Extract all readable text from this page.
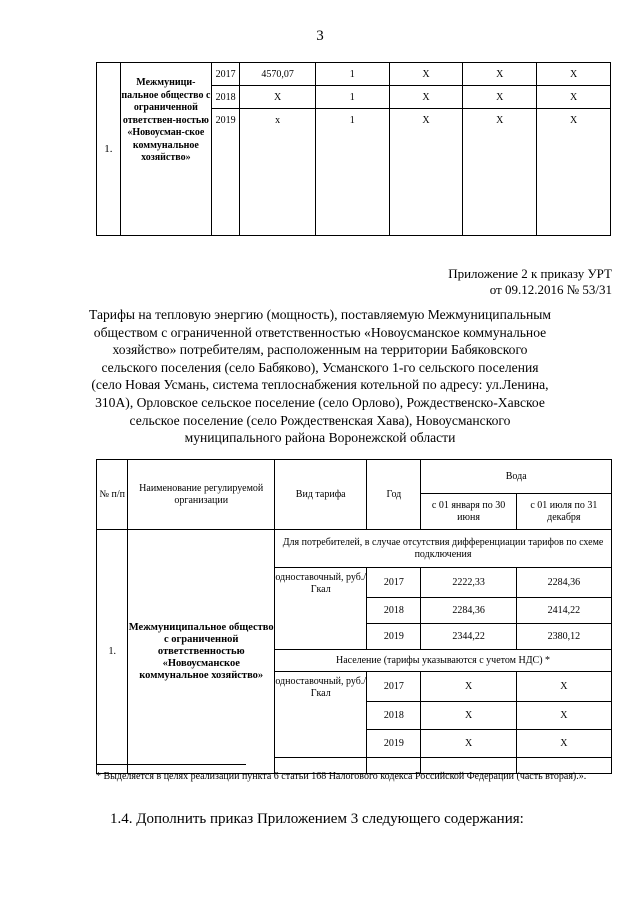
3
1.	Межмуници-пальное общество с ограниченной ответствен-ностью «Новоусман-ское коммунальное хозяйство»	2017	4570,07	1	X	X	X
		2018	X	1	X	X	X
		2019	x	1	X	X	X
Приложение 2 к приказу УРТ
от 09.12.2016 № 53/31
Тарифы на тепловую энергию (мощность), поставляемую Межмуниципальным обществом с ограниченной ответственностью «Новоусманское коммунальное хозяйство» потребителям, расположенным на территории Бабяковского сельского поселения (село Бабяково), Усманского 1-го сельского поселения (село Новая Усмань, система теплоснабжения котельной по адресу: ул.Ленина, 310А), Орловское сельское поселение (село Орлово), Рождественско-Хавское сельское поселение (село Рождественская Хава), Новоусманского муниципального района Воронежской области
№ п/п	Наименование регулируемой организации	Вид тарифа	Год	Вода	
				с 01 января по 30 июня	с 01 июля по 31 декабря
1.	Межмуниципальное общество с ограниченной ответственностью «Новоусманское коммунальное хозяйство»	Для потребителей, в случае отсутствия дифференциации тарифов по схеме подключения			
		одноставочный, руб./Гкал	2017	2222,33	2284,36
			2018	2284,36	2414,22
			2019	2344,22	2380,12
		Население (тарифы указываются с учетом НДС) *			
		одноставочный, руб./Гкал	2017	X	X
			2018	X	X
			2019	X	X

* Выделяется в целях реализации пункта 6 статьи 168 Налогового кодекса Российской Федерации (часть вторая).».
1.4. Дополнить приказ Приложением 3 следующего содержания:
